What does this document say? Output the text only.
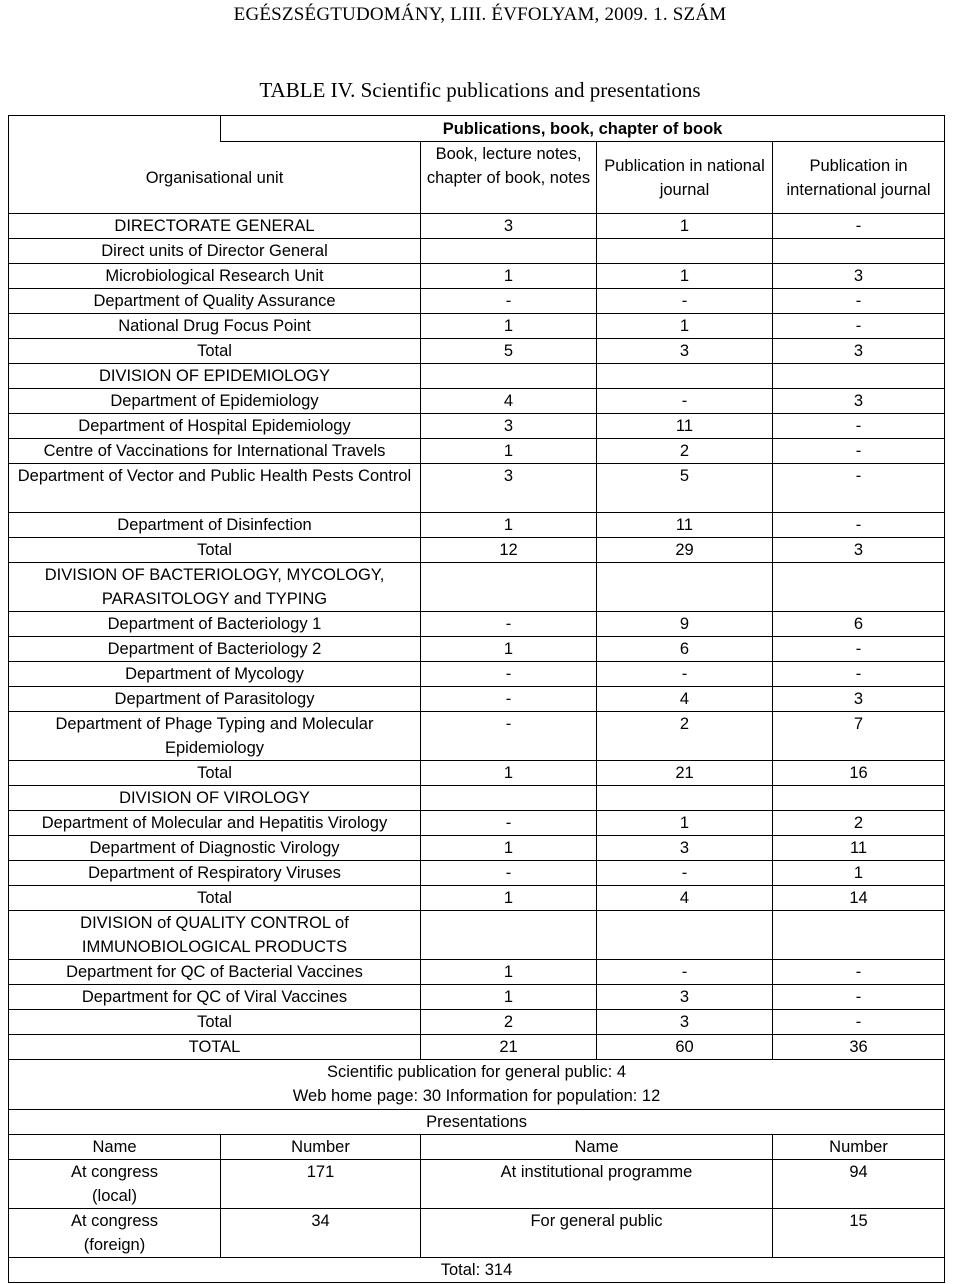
EGÉSZSÉGTUDOMÁNY, LIII. ÉVFOLYAM, 2009. 1. SZÁM
TABLE IV. Scientific publications and presentations
	Publications, book, chapter of book			
Organisational unit		Book, lecture notes, chapter of book, notes	Publication in national journal	Publication in international journal
DIRECTORATE GENERAL		3	1	-
Direct units of Director General				
Microbiological Research Unit		1	1	3
Department of Quality Assurance		-	-	-
National Drug Focus Point		1	1	-
Total		5	3	3
DIVISION OF EPIDEMIOLOGY				
Department of Epidemiology		4	-	3
Department of Hospital Epidemiology		3	11	-
Centre of Vaccinations for International Travels		1	2	-
Department of Vector and Public Health Pests Control		3	5	-
Department of Disinfection		1	11	-
Total		12	29	3
DIVISION OF BACTERIOLOGY, MYCOLOGY, PARASITOLOGY and TYPING				
Department of Bacteriology 1		-	9	6
Department of Bacteriology 2		1	6	-
Department of Mycology		-	-	-
Department of Parasitology		-	4	3
Department of Phage Typing and Molecular Epidemiology		-	2	7
Total		1	21	16
DIVISION OF VIROLOGY				
Department of Molecular and Hepatitis Virology		-	1	2
Department of Diagnostic Virology		1	3	11
Department of Respiratory Viruses		-	-	1
Total		1	4	14
DIVISION of QUALITY CONTROL of IMMUNOBIOLOGICAL PRODUCTS				
Department for QC of Bacterial Vaccines		1	-	-
Department for QC of Viral Vaccines		1	3	-
Total		2	3	-
TOTAL		21	60	36

Scientific publication for general public: 4
Web home page: 30 Information for population: 12				

Presentations				
Name	Number	Name		Number
At congress (local)	171	At institutional programme		94
At congress (foreign)	34	For general public		15
Total: 314				
